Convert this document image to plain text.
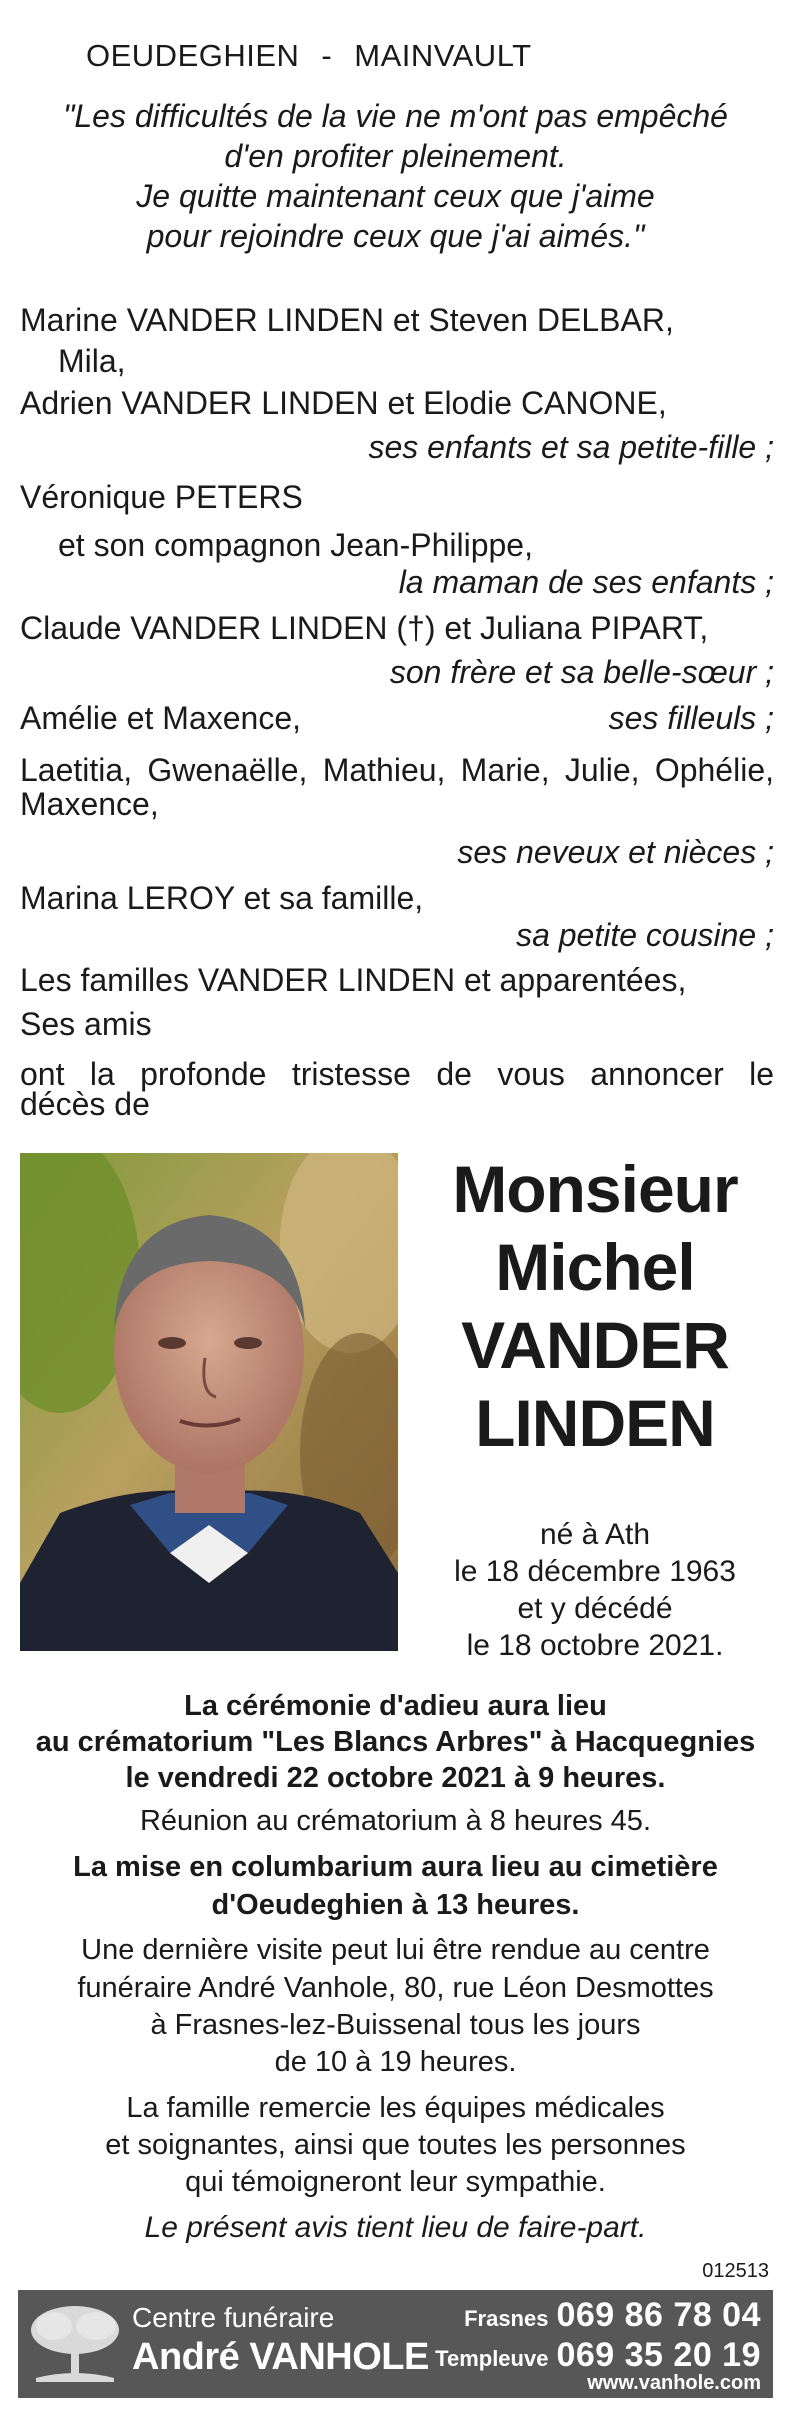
OEUDEGHIEN - MAINVAULT
"Les difficultés de la vie ne m'ont pas empêché
d'en profiter pleinement.
Je quitte maintenant ceux que j'aime
pour rejoindre ceux que j'ai aimés."
Marine VANDER LINDEN et Steven DELBAR,
Mila,
Adrien VANDER LINDEN et Elodie CANONE,
ses enfants et sa petite-fille ;
Véronique PETERS
et son compagnon Jean-Philippe,
la maman de ses enfants ;
Claude VANDER LINDEN (†) et Juliana PIPART,
son frère et sa belle-sœur ;
Amélie et Maxence,	ses filleuls ;
Laetitia, Gwenaëlle, Mathieu, Marie, Julie, Ophélie,
Maxence,
ses neveux et nièces ;
Marina LEROY et sa famille,
sa petite cousine ;
Les familles VANDER LINDEN et apparentées,
Ses amis
ont la profonde tristesse de vous annoncer le
décès de
Monsieur
Michel
VANDER
LINDEN
né à Ath
le 18 décembre 1963
et y décédé
le 18 octobre 2021.
La cérémonie d'adieu aura lieu
au crématorium "Les Blancs Arbres" à Hacquegnies
le vendredi 22 octobre 2021 à 9 heures.
Réunion au crématorium à 8 heures 45.
La mise en columbarium aura lieu au cimetière
d'Oeudeghien à 13 heures.
Une dernière visite peut lui être rendue au centre
funéraire André Vanhole, 80, rue Léon Desmottes
à Frasnes-lez-Buissenal tous les jours
de 10 à 19 heures.
La famille remercie les équipes médicales
et soignantes, ainsi que toutes les personnes
qui témoigneront leur sympathie.
Le présent avis tient lieu de faire-part.
012513
Centre funéraire
André VANHOLE
Frasnes 069 86 78 04
Templeuve 069 35 20 19
www.vanhole.com
